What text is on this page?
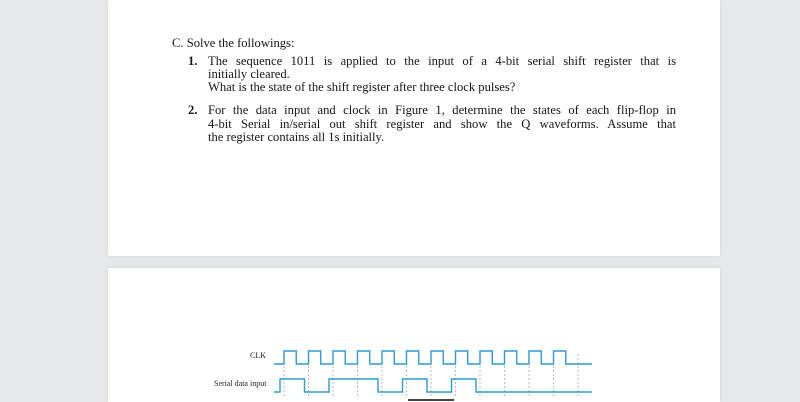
C. Solve the followings:
1. The sequence 1011 is applied to the input of a 4-bit serial shift register that is
initially cleared.
What is the state of the shift register after three clock pulses?
2. For the data input and clock in Figure 1, determine the states of each flip-flop in
4-bit Serial in/serial out shift register and show the Q waveforms. Assume that
the register contains all 1s initially.
CLK
Serial data input
